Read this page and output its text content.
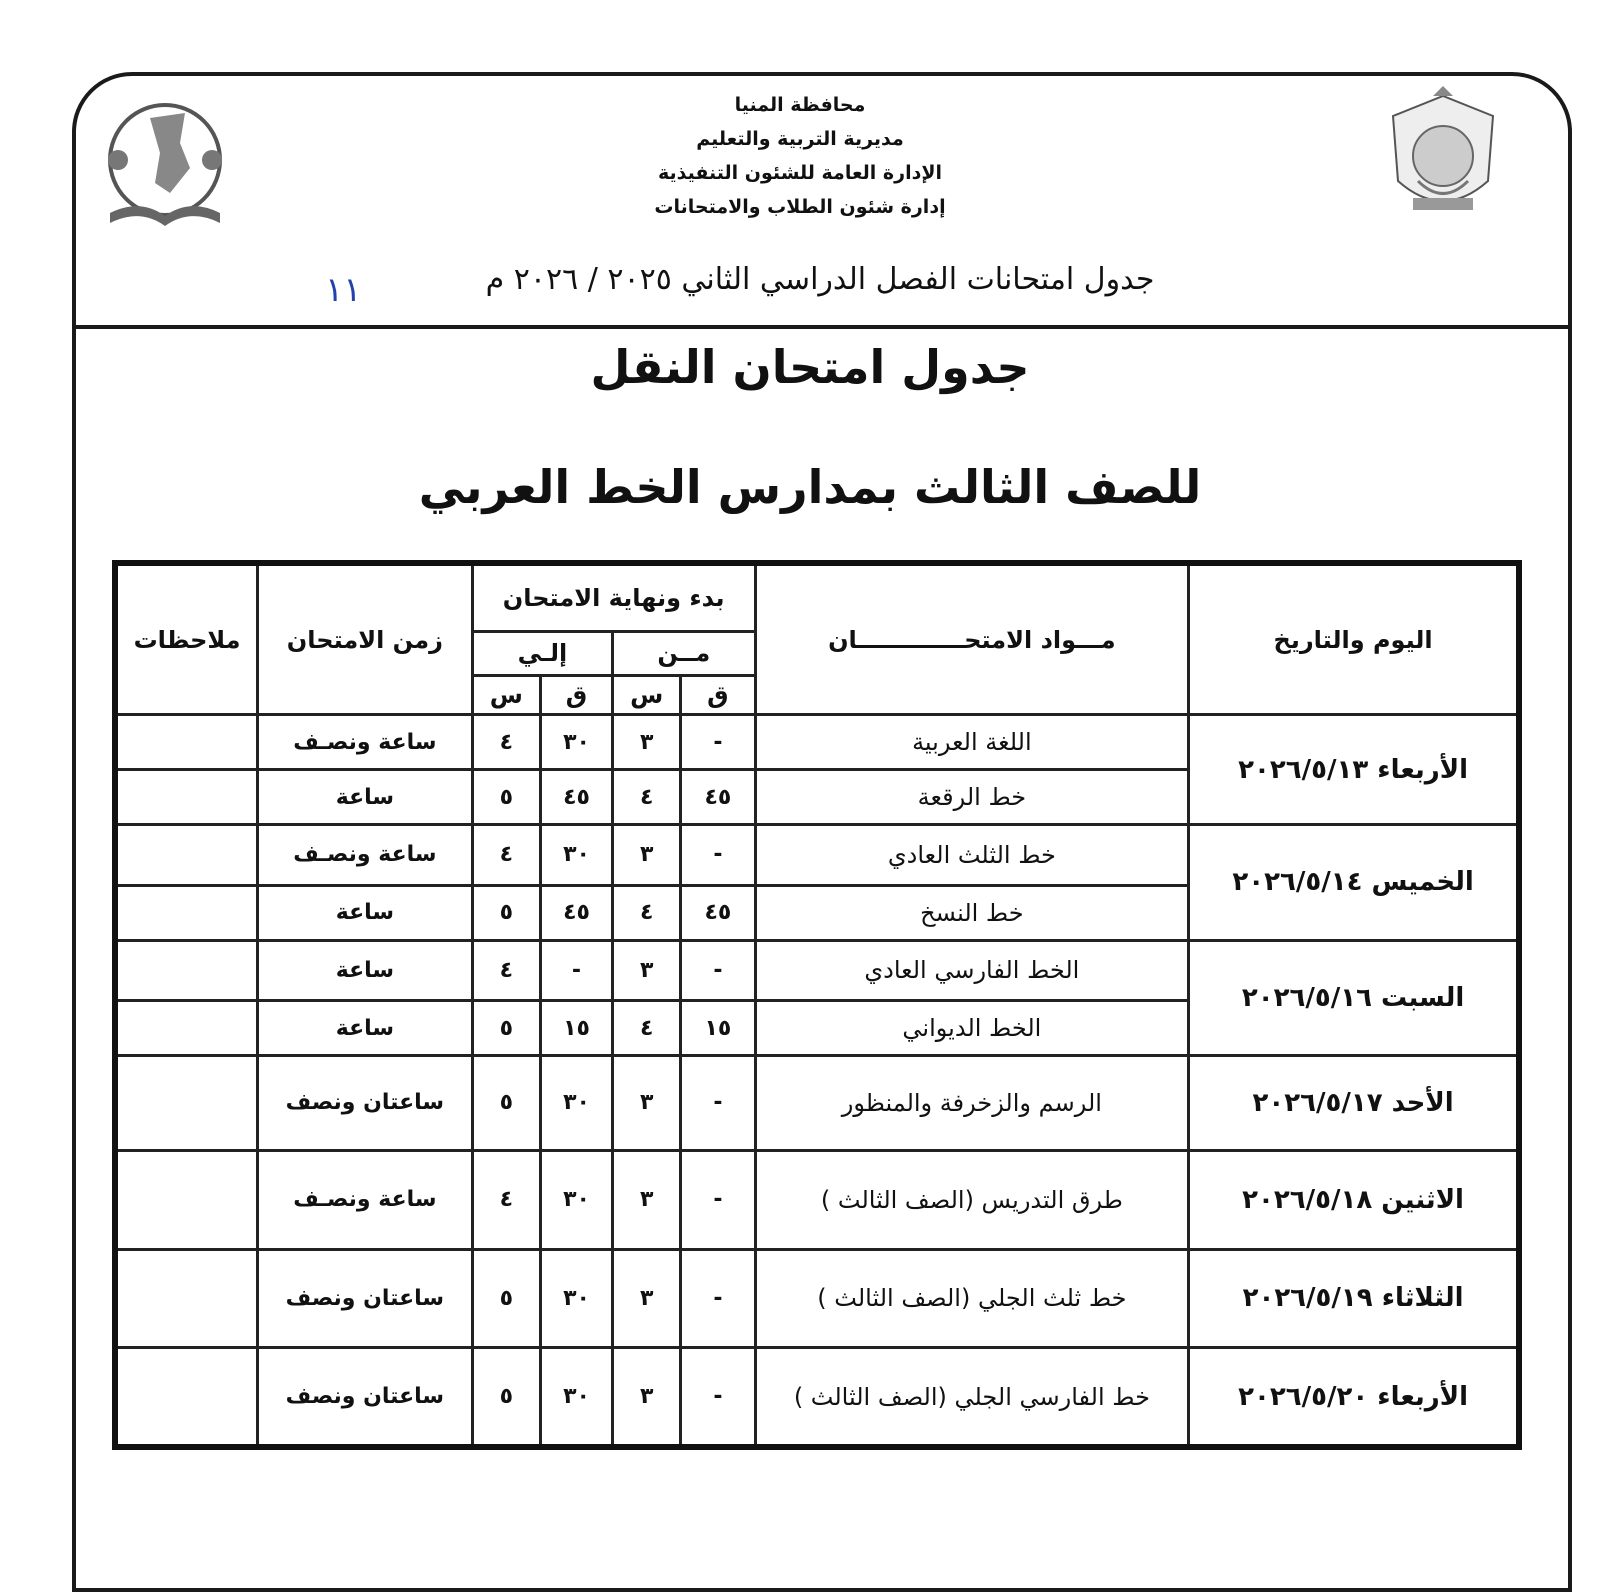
محافظة المنيا
مديرية التربية والتعليم
الإدارة العامة للشئون التنفيذية
إدارة شئون الطلاب والامتحانات
جدول امتحانات الفصل الدراسي الثاني ٢٠٢٥ / ٢٠٢٦ م
١١
جدول امتحان النقل
للصف الثالث بمدارس الخط العربي
اليوم والتاريخ	مـــواد الامتحـــــــــــــان	بدء ونهاية الامتحان				زمن الامتحان	ملاحظات
		مــن		إلـي			
		ق	س	ق	س		
الأربعاء ٢٠٢٦/٥/١٣	اللغة العربية	-	٣	٣٠	٤	ساعة ونصـف	
	خط الرقعة	٤٥	٤	٤٥	٥	ساعة	
الخميس ٢٠٢٦/٥/١٤	خط الثلث العادي	-	٣	٣٠	٤	ساعة ونصـف	
	خط النسخ	٤٥	٤	٤٥	٥	ساعة	
السبت ٢٠٢٦/٥/١٦	الخط الفارسي العادي	-	٣	-	٤	ساعة	
	الخط الديواني	١٥	٤	١٥	٥	ساعة	
الأحد ٢٠٢٦/٥/١٧	الرسم والزخرفة والمنظور	-	٣	٣٠	٥	ساعتان ونصف	
الاثنين ٢٠٢٦/٥/١٨	طرق التدريس (الصف الثالث )	-	٣	٣٠	٤	ساعة ونصـف	
الثلاثاء ٢٠٢٦/٥/١٩	خط ثلث الجلي (الصف الثالث )	-	٣	٣٠	٥	ساعتان ونصف	
الأربعاء ٢٠٢٦/٥/٢٠	خط الفارسي الجلي (الصف الثالث )	-	٣	٣٠	٥	ساعتان ونصف	
